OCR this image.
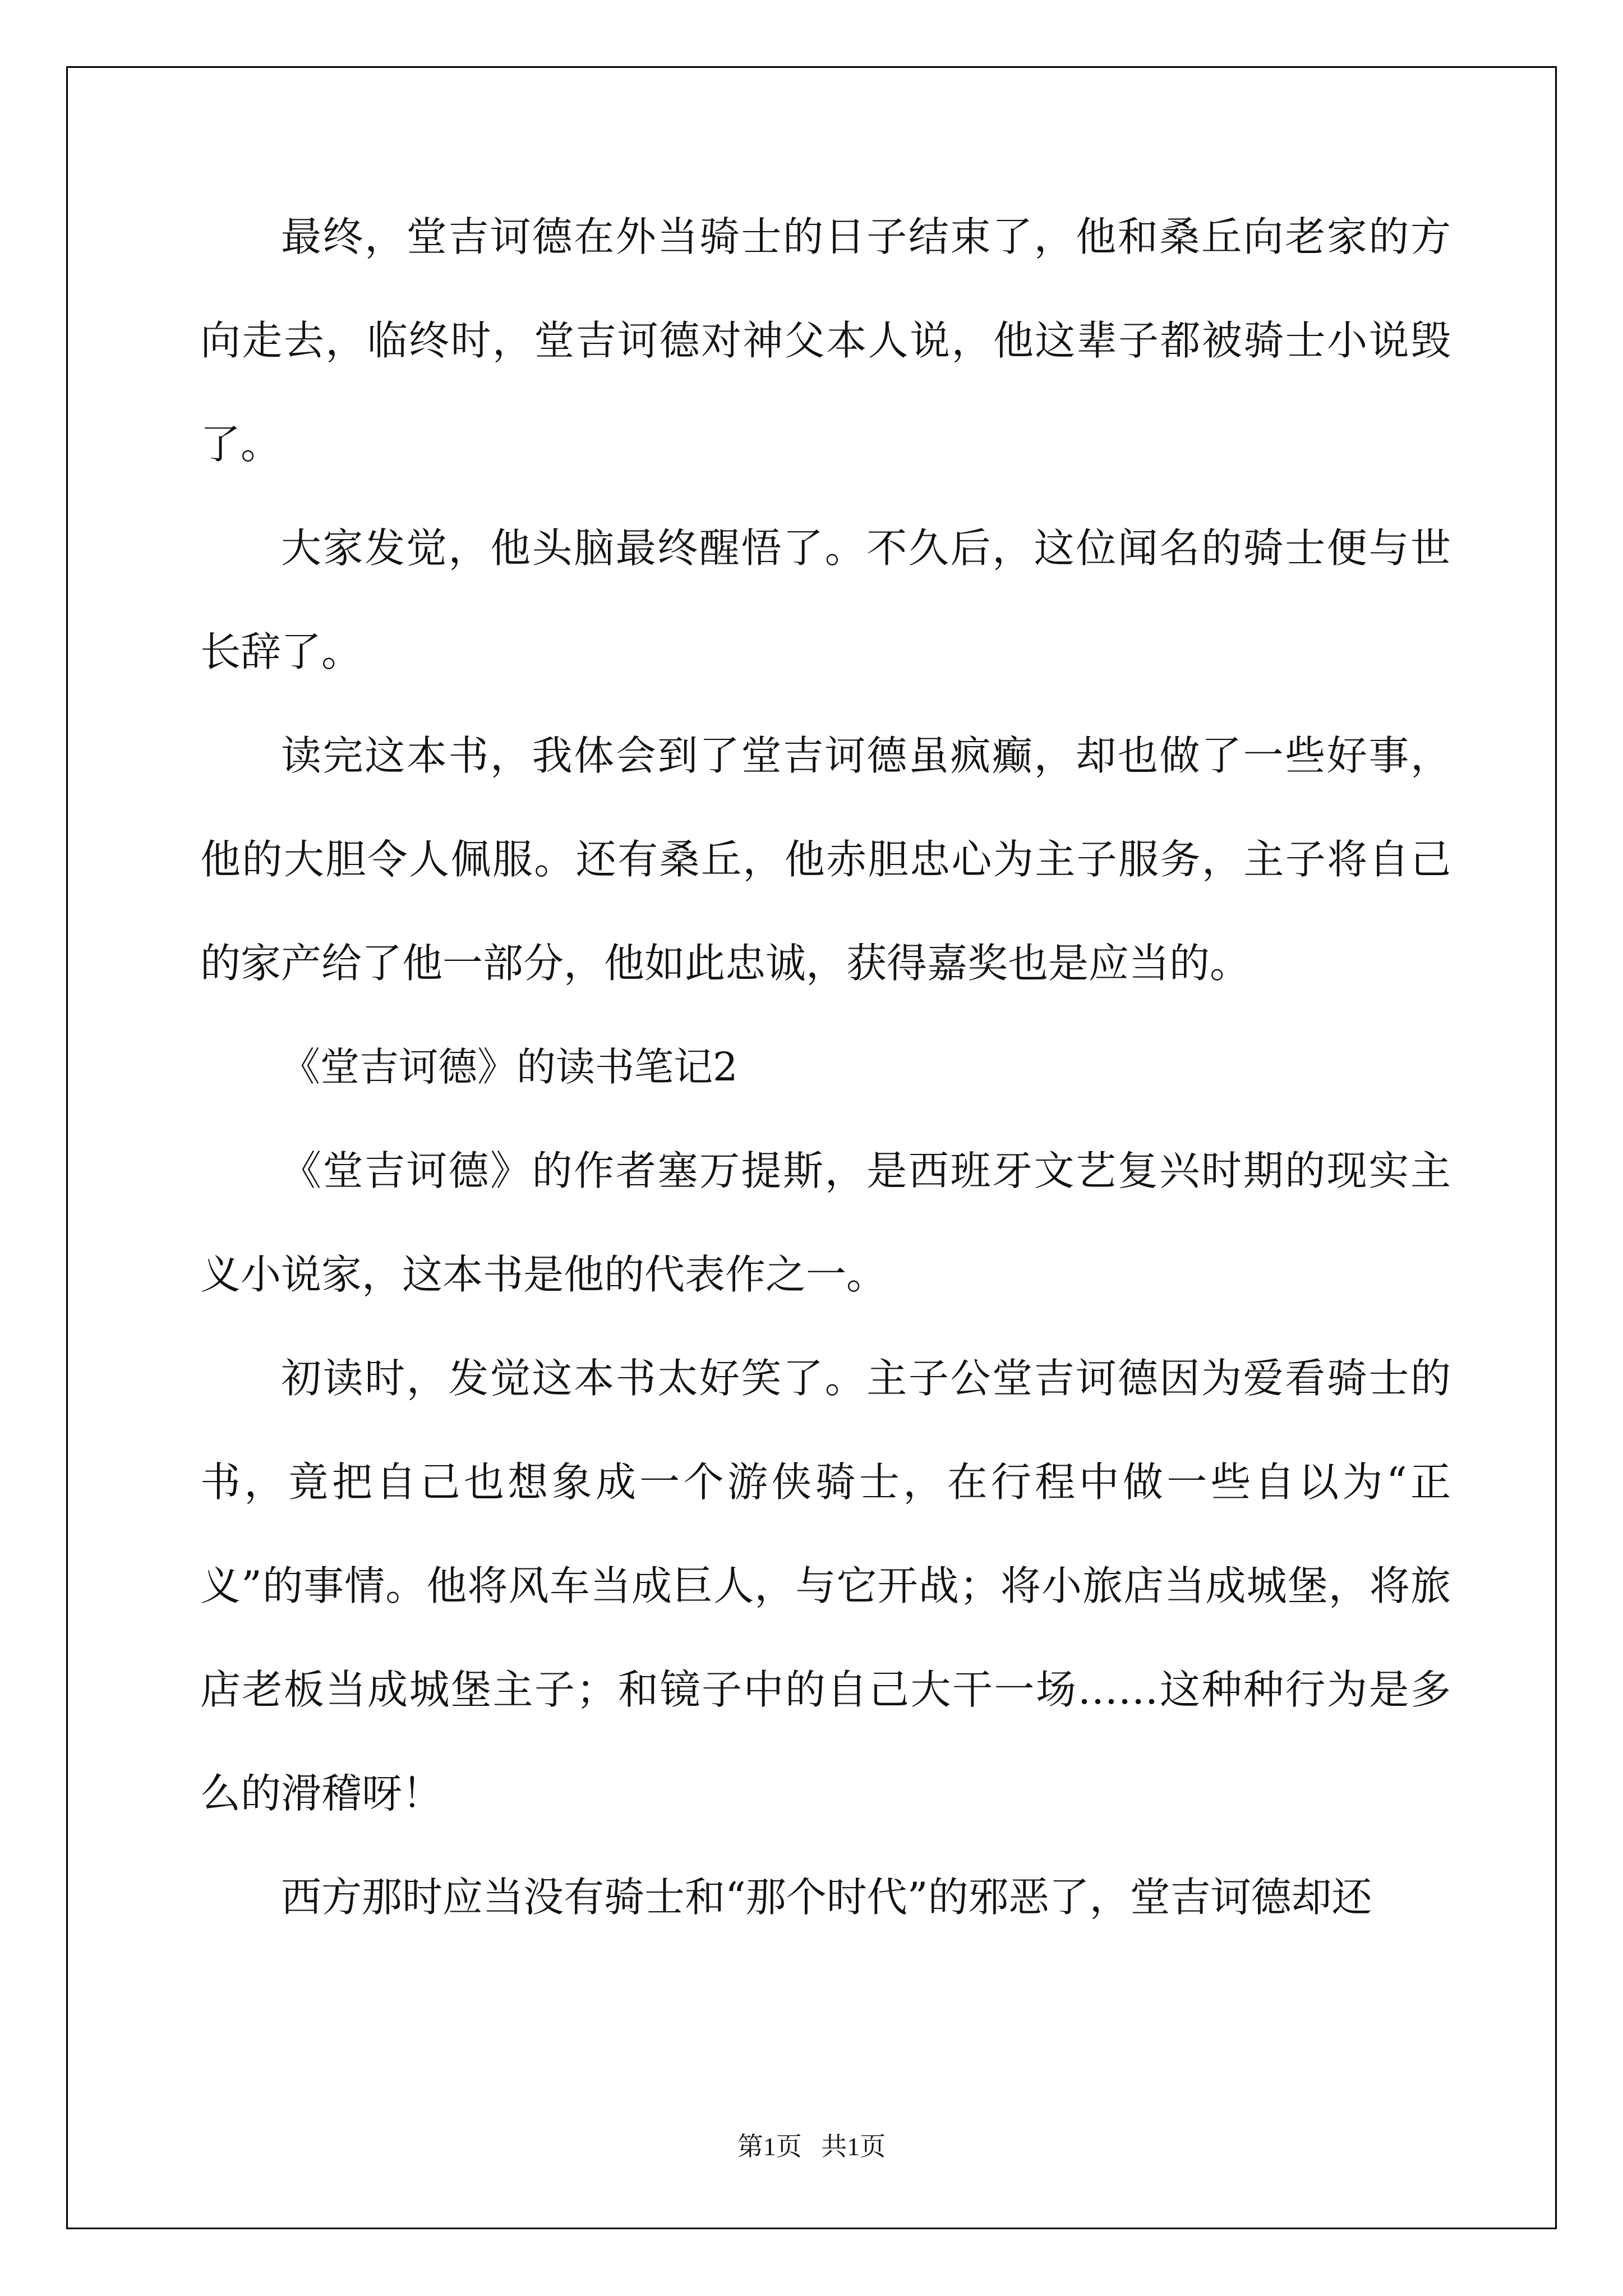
最终，堂吉诃德在外当骑士的日子结束了，他和桑丘向老家的方向走去，临终时，堂吉诃德对神父本人说，他这辈子都被骑士小说毁了。

大家发觉，他头脑最终醒悟了。不久后，这位闻名的骑士便与世长辞了。

读完这本书，我体会到了堂吉诃德虽疯癫，却也做了一些好事，他的大胆令人佩服。还有桑丘，他赤胆忠心为主子服务，主子将自己的家产给了他一部分，他如此忠诚，获得嘉奖也是应当的。

《堂吉诃德》的读书笔记2

《堂吉诃德》的作者塞万提斯，是西班牙文艺复兴时期的现实主义小说家，这本书是他的代表作之一。

初读时，发觉这本书太好笑了。主子公堂吉诃德因为爱看骑士的书，竟把自己也想象成一个游侠骑士，在行程中做一些自以为“正义”的事情。他将风车当成巨人，与它开战；将小旅店当成城堡，将旅店老板当成城堡主子；和镜子中的自己大干一场……这种种行为是多么的滑稽呀！

西方那时应当没有骑士和“那个时代”的邪恶了，堂吉诃德却还

第1页   共1页
